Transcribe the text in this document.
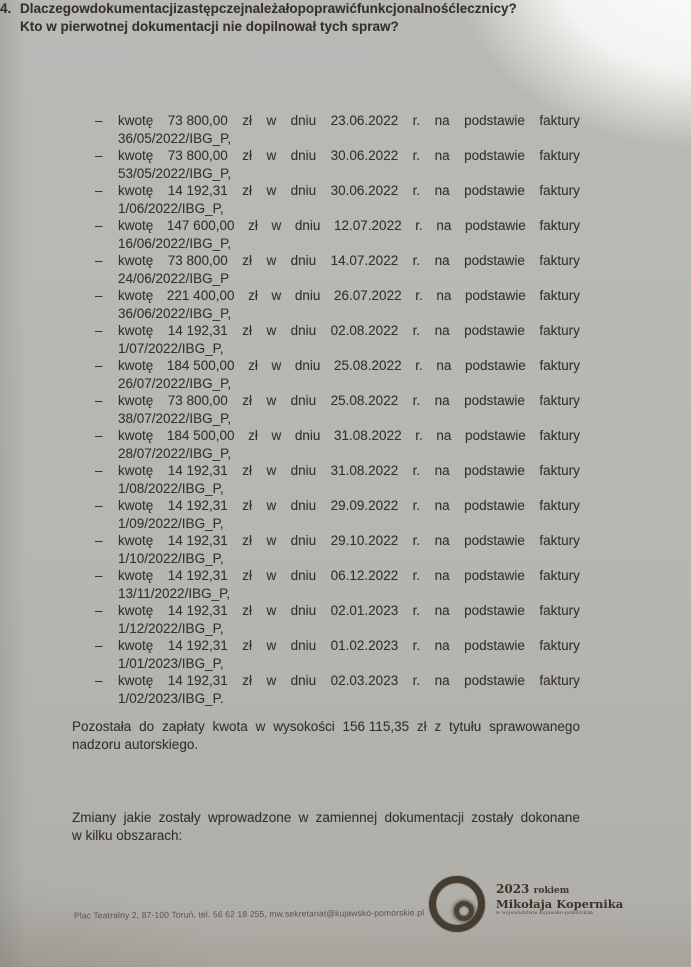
–	kwotę 73 800,00 zł w dniu 23.06.2022 r. na podstawie faktury
36/05/2022/IBG_P,
–	kwotę 73 800,00 zł w dniu 30.06.2022 r. na podstawie faktury
53/05/2022/IBG_P,
–	kwotę 14 192,31 zł w dniu 30.06.2022 r. na podstawie faktury
1/06/2022/IBG_P,
–	kwotę 147 600,00 zł w dniu 12.07.2022 r. na podstawie faktury
16/06/2022/IBG_P,
–	kwotę 73 800,00 zł w dniu 14.07.2022 r. na podstawie faktury
24/06/2022/IBG_P
–	kwotę 221 400,00 zł w dniu 26.07.2022 r. na podstawie faktury
36/06/2022/IBG_P,
–	kwotę 14 192,31 zł w dniu 02.08.2022 r. na podstawie faktury
1/07/2022/IBG_P,
–	kwotę 184 500,00 zł w dniu 25.08.2022 r. na podstawie faktury
26/07/2022/IBG_P,
–	kwotę 73 800,00 zł w dniu 25.08.2022 r. na podstawie faktury
38/07/2022/IBG_P,
–	kwotę 184 500,00 zł w dniu 31.08.2022 r. na podstawie faktury
28/07/2022/IBG_P,
–	kwotę 14 192,31 zł w dniu 31.08.2022 r. na podstawie faktury
1/08/2022/IBG_P,
–	kwotę 14 192,31 zł w dniu 29.09.2022 r. na podstawie faktury
1/09/2022/IBG_P,
–	kwotę 14 192,31 zł w dniu 29.10.2022 r. na podstawie faktury
1/10/2022/IBG_P,
–	kwotę 14 192,31 zł w dniu 06.12.2022 r. na podstawie faktury
13/11/2022/IBG_P,
–	kwotę 14 192,31 zł w dniu 02.01.2023 r. na podstawie faktury
1/12/2022/IBG_P,
–	kwotę 14 192,31 zł w dniu 01.02.2023 r. na podstawie faktury
1/01/2023/IBG_P,
–	kwotę 14 192,31 zł w dniu 02.03.2023 r. na podstawie faktury
1/02/2023/IBG_P.
Pozostała do zapłaty kwota w wysokości 156 115,35 zł z tytułu sprawowanego
nadzoru autorskiego.
4. Dlaczego w dokumentacji zastępczej należało poprawić funkcjonalność lecznicy?
Kto w pierwotnej dokumentacji nie dopilnował tych spraw?
Zmiany jakie zostały wprowadzone w zamiennej dokumentacji zostały dokonane
w kilku obszarach:
Plac Teatralny 2, 87-100 Toruń, tel. 56 62 18 255, mw.sekretariat@kujawsko-pomorskie.pl
2023 rokiem
Mikołaja Kopernika
w województwie kujawsko-pomorskim
